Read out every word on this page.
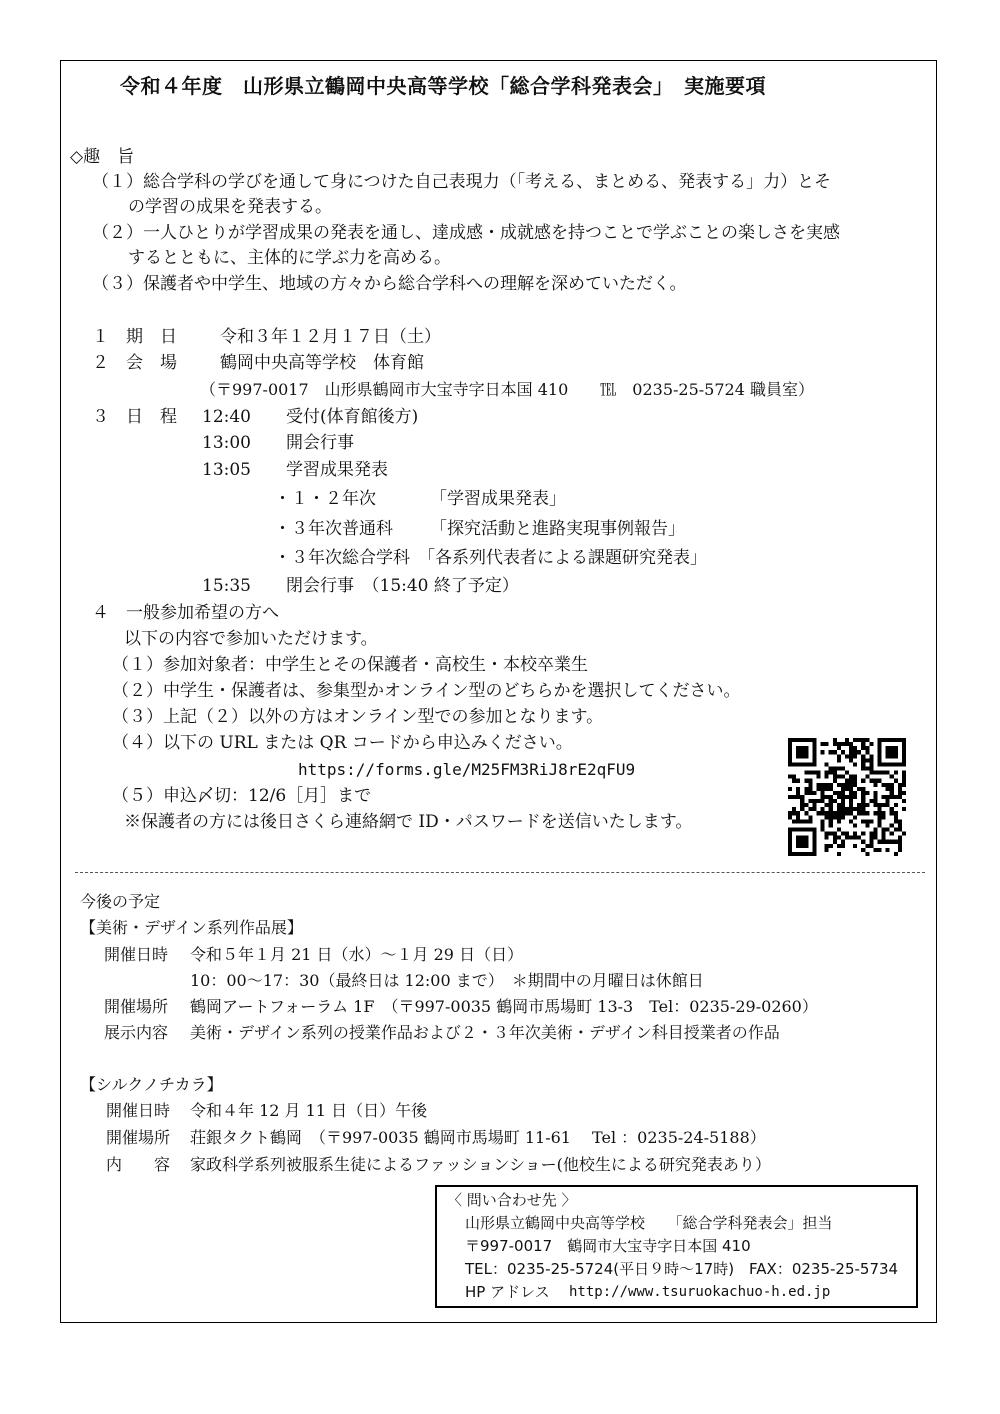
令和４年度　山形県立鶴岡中央高等学校「総合学科発表会」　実施要項
◇趣　旨
（１）総合学科の学びを通して身につけた自己表現力（「考える、まとめる、発表する」力）とそ
の学習の成果を発表する。
（２）一人ひとりが学習成果の発表を通し、達成感・成就感を持つことで学ぶことの楽しさを実感
するとともに、主体的に学ぶ力を高める。
（３）保護者や中学生、地域の方々から総合学科への理解を深めていただく。
１　期　日	令和３年１２月１７日（土）
２　会　場	鶴岡中央高等学校　体育館
（〒997-0017　山形県鶴岡市大宝寺字日本国 410　　℡　0235-25-5724 職員室）
３　日　程 12:40 受付(体育館後方)
13:00 開会行事
13:05 学習成果発表
・１・２年次	「学習成果発表」
・３年次普通科 「探究活動と進路実現事例報告」
・３年次総合学科 「各系列代表者による課題研究発表」
15:35 閉会行事　（15:40 終了予定）
４　一般参加希望の方へ
以下の内容で参加いただけます。
（１）参加対象者：中学生とその保護者・高校生・本校卒業生
（２）中学生・保護者は、参集型かオンライン型のどちらかを選択してください。
（３）上記（２）以外の方はオンライン型での参加となります。
（４）以下の URL または QR コードから申込みください。
https://forms.gle/M25FM3RiJ8rE2qFU9
（５）申込〆切：12/6［月］まで
※保護者の方には後日さくら連絡網で ID・パスワードを送信いたします。
今後の予定
【美術・デザイン系列作品展】
開催日時 令和５年１月 21 日（水）～１月 29 日（日）
10：00～17：30（最終日は 12:00 まで）　＊期間中の月曜日は休館日
開催場所 鶴岡アートフォーラム 1F　（〒997-0035 鶴岡市馬場町 13-3　Tel：0235-29-0260）
展示内容 美術・デザイン系列の授業作品および２・３年次美術・デザイン科目授業者の作品
【シルクノチカラ】
開催日時 令和４年 12 月 11 日（日）午後
開催場所 荘銀タクト鶴岡　（〒997-0035 鶴岡市馬場町 11-61　 Tel ：0235-24-5188）
内　　容 家政科学系列被服系生徒によるファッションショー(他校生による研究発表あり）
〈 問い合わせ先 〉
山形県立鶴岡中央高等学校　　「総合学科発表会」担当
〒997-0017　鶴岡市大宝寺字日本国 410
TEL：0235-25-5724(平日９時～17時)　FAX：0235-25-5734
HP アドレス http://www.tsuruokachuo-h.ed.jp
